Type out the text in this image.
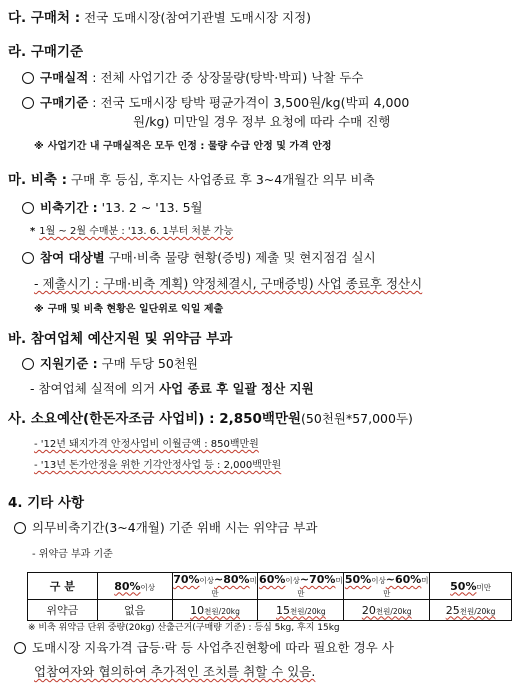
다. 구매처 : 전국 도매시장(참여기관별 도매시장 지정)
라. 구매기준
구매실적 : 전체 사업기간 중 상장물량(탕박·박피) 낙찰 두수
구매기준 : 전국 도매시장 탕박 평균가격이 3,500원/kg(박피 4,000
원/kg) 미만일 경우 정부 요청에 따라 수매 진행
※ 사업기간 내 구매실적은 모두 인정 : 물량 수급 안정 및 가격 안정
마. 비축 : 구매 후 등심, 후지는 사업종료 후 3~4개월간 의무 비축
비축기간 : '13. 2 ~ '13. 5월
* 1월 ~ 2월 수매분 : '13. 6. 1부터 처분 가능
참여 대상별 구매·비축 물량 현황(증빙) 제출 및 현지점검 실시
- 제출시기 : 구매·비축 계획) 약정체결시, 구매증빙) 사업 종료후 정산시
※ 구매 및 비축 현황은 일단위로 익일 제출
바. 참여업체 예산지원 및 위약금 부과
지원기준 : 구매 두당 50천원
- 참여업체 실적에 의거 사업 종료 후 일괄 정산 지원
사. 소요예산(한돈자조금 사업비) : 2,850백만원(50천원*57,000두)
- '12년 돼지가격 안정사업비 이월금액 : 850백만원
- '13년 돈가안정을 위한 기각안정사업 등 : 2,000백만원
4. 기타 사항
의무비축기간(3~4개월) 기준 위배 시는 위약금 부과
- 위약금 부과 기준
구 분	80%이상	70%이상~80%미만	60%이상~70%미만	50%이상~60%미만	50%미만
위약금	없음	10천원/20kg	15천원/20kg	20천원/20kg	25천원/20kg
※ 비축 위약금 단위 중량(20kg) 산출근거(구매량 기준) : 등심 5kg, 후지 15kg
도매시장 지육가격 급등·락 등 사업추진현황에 따라 필요한 경우 사
업참여자와 협의하여 추가적인 조치를 취할 수 있음.
